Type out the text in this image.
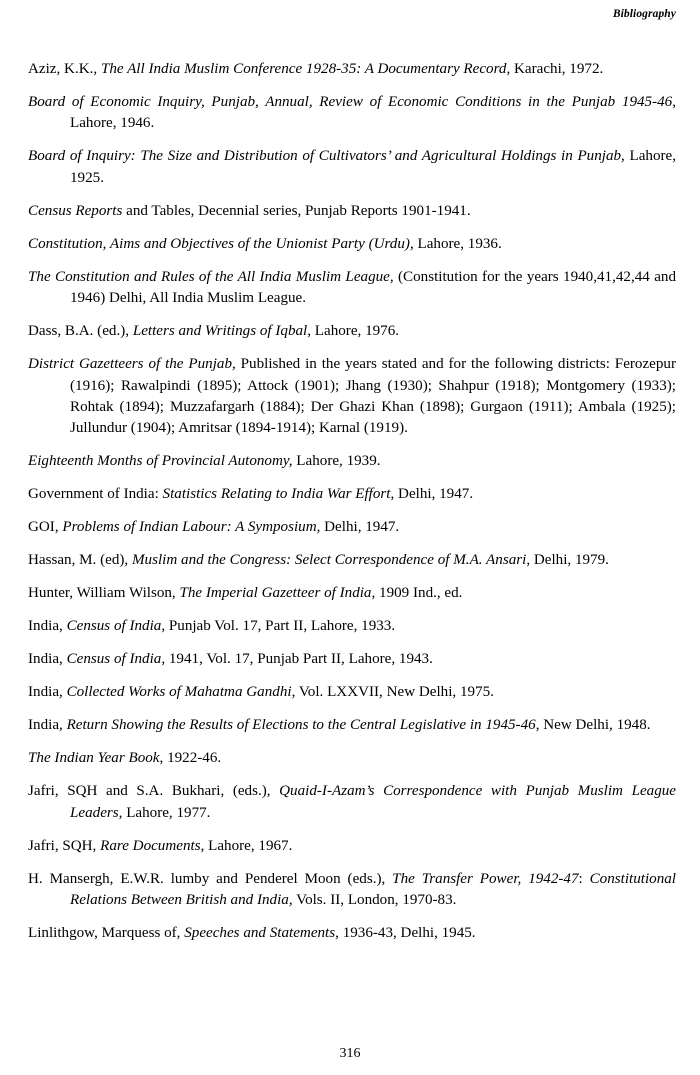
Bibliography

Aziz, K.K., The All India Muslim Conference 1928-35: A Documentary Record, Karachi, 1972.

Board of Economic Inquiry, Punjab, Annual, Review of Economic Conditions in the Punjab 1945-46, Lahore, 1946.

Board of Inquiry: The Size and Distribution of Cultivators’ and Agricultural Holdings in Punjab, Lahore, 1925.

Census Reports and Tables, Decennial series, Punjab Reports 1901-1941.

Constitution, Aims and Objectives of the Unionist Party (Urdu), Lahore, 1936.

The Constitution and Rules of the All India Muslim League, (Constitution for the years 1940,41,42,44 and 1946) Delhi, All India Muslim League.

Dass, B.A. (ed.), Letters and Writings of Iqbal, Lahore, 1976.

District Gazetteers of the Punjab, Published in the years stated and for the following districts: Ferozepur (1916); Rawalpindi (1895); Attock (1901); Jhang (1930); Shahpur (1918); Montgomery (1933); Rohtak (1894); Muzzafargarh (1884); Der Ghazi Khan (1898); Gurgaon (1911); Ambala (1925); Jullundur (1904); Amritsar (1894-1914); Karnal (1919).

Eighteenth Months of Provincial Autonomy, Lahore, 1939.

Government of India: Statistics Relating to India War Effort, Delhi, 1947.

GOI, Problems of Indian Labour: A Symposium, Delhi, 1947.

Hassan, M. (ed), Muslim and the Congress: Select Correspondence of M.A. Ansari, Delhi, 1979.

Hunter, William Wilson, The Imperial Gazetteer of India, 1909 Ind., ed.

India, Census of India, Punjab Vol. 17, Part II, Lahore, 1933.

India, Census of India, 1941, Vol. 17, Punjab Part II, Lahore, 1943.

India, Collected Works of Mahatma Gandhi, Vol. LXXVII, New Delhi, 1975.

India, Return Showing the Results of Elections to the Central Legislative in 1945-46, New Delhi, 1948.

The Indian Year Book, 1922-46.

Jafri, SQH and S.A. Bukhari, (eds.), Quaid-I-Azam’s Correspondence with Punjab Muslim League Leaders, Lahore, 1977.

Jafri, SQH, Rare Documents, Lahore, 1967.

H. Mansergh, E.W.R. lumby and Penderel Moon (eds.), The Transfer Power, 1942-47: Constitutional Relations Between British and India, Vols. II, London, 1970-83.

Linlithgow, Marquess of, Speeches and Statements, 1936-43, Delhi, 1945.

316
